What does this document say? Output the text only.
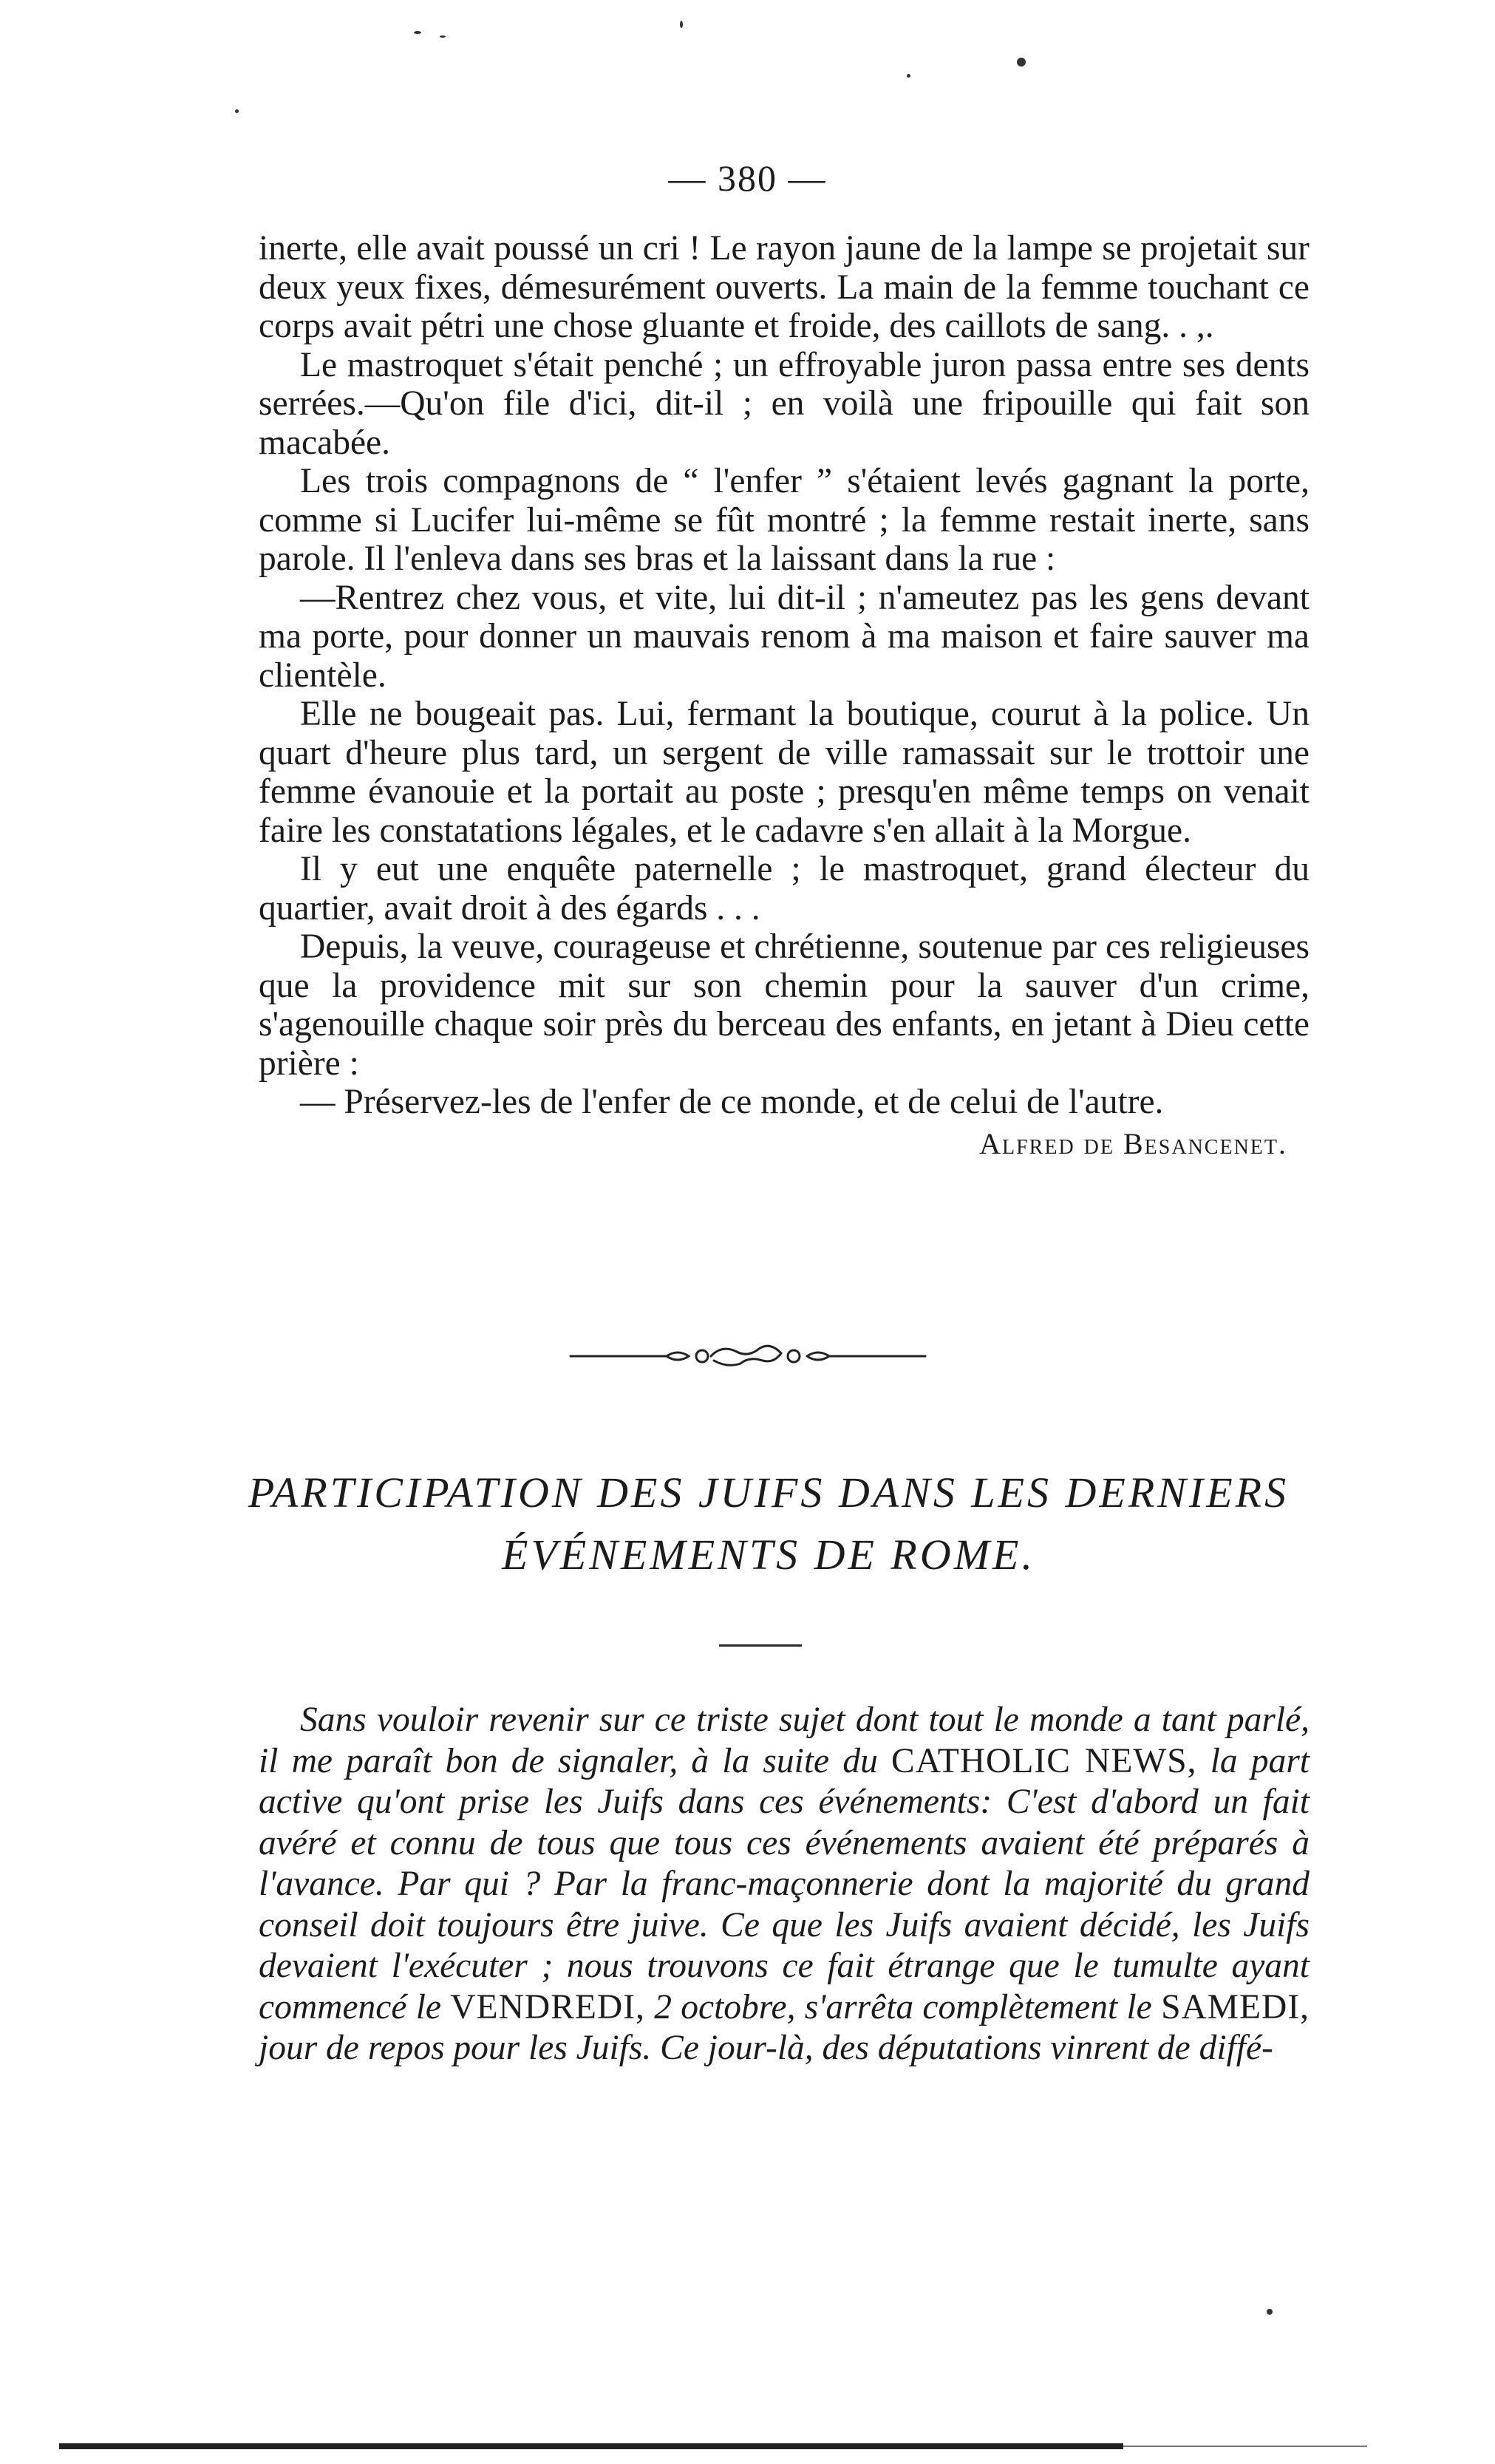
— 380 —

inerte, elle avait poussé un cri ! Le rayon jaune de la lampe se projetait sur deux yeux fixes, démesurément ouverts. La main de la femme touchant ce corps avait pétri une chose gluante et froide, des caillots de sang. . ,.

Le mastroquet s'était penché ; un effroyable juron passa entre ses dents serrées.—Qu'on file d'ici, dit-il ; en voilà une fripouille qui fait son macabée.

Les trois compagnons de “ l'enfer ” s'étaient levés gagnant la porte, comme si Lucifer lui-même se fût montré ; la femme restait inerte, sans parole. Il l'enleva dans ses bras et la laissant dans la rue :

—Rentrez chez vous, et vite, lui dit-il ; n'ameutez pas les gens devant ma porte, pour donner un mauvais renom à ma maison et faire sauver ma clientèle.

Elle ne bougeait pas. Lui, fermant la boutique, courut à la police. Un quart d'heure plus tard, un sergent de ville ramassait sur le trottoir une femme évanouie et la portait au poste ; presqu'en même temps on venait faire les constatations légales, et le cadavre s'en allait à la Morgue.

Il y eut une enquête paternelle ; le mastroquet, grand électeur du quartier, avait droit à des égards . . .

Depuis, la veuve, courageuse et chrétienne, soutenue par ces religieuses que la providence mit sur son chemin pour la sauver d'un crime, s'agenouille chaque soir près du berceau des enfants, en jetant à Dieu cette prière :

— Préservez-les de l'enfer de ce monde, et de celui de l'autre.

Alfred de Besancenet.
PARTICIPATION DES JUIFS DANS LES DERNIERS ÉVÉNEMENTS DE ROME.

Sans vouloir revenir sur ce triste sujet dont tout le monde a tant parlé, il me paraît bon de signaler, à la suite du CATHOLIC NEWS, la part active qu'ont prise les Juifs dans ces événements: C'est d'abord un fait avéré et connu de tous que tous ces événements avaient été préparés à l'avance. Par qui ? Par la franc-maçonnerie dont la majorité du grand conseil doit toujours être juive. Ce que les Juifs avaient décidé, les Juifs devaient l'exécuter ; nous trouvons ce fait étrange que le tumulte ayant commencé le VENDREDI, 2 octobre, s'arrêta complètement le SAMEDI, jour de repos pour les Juifs. Ce jour-là, des députations vinrent de diffé-
